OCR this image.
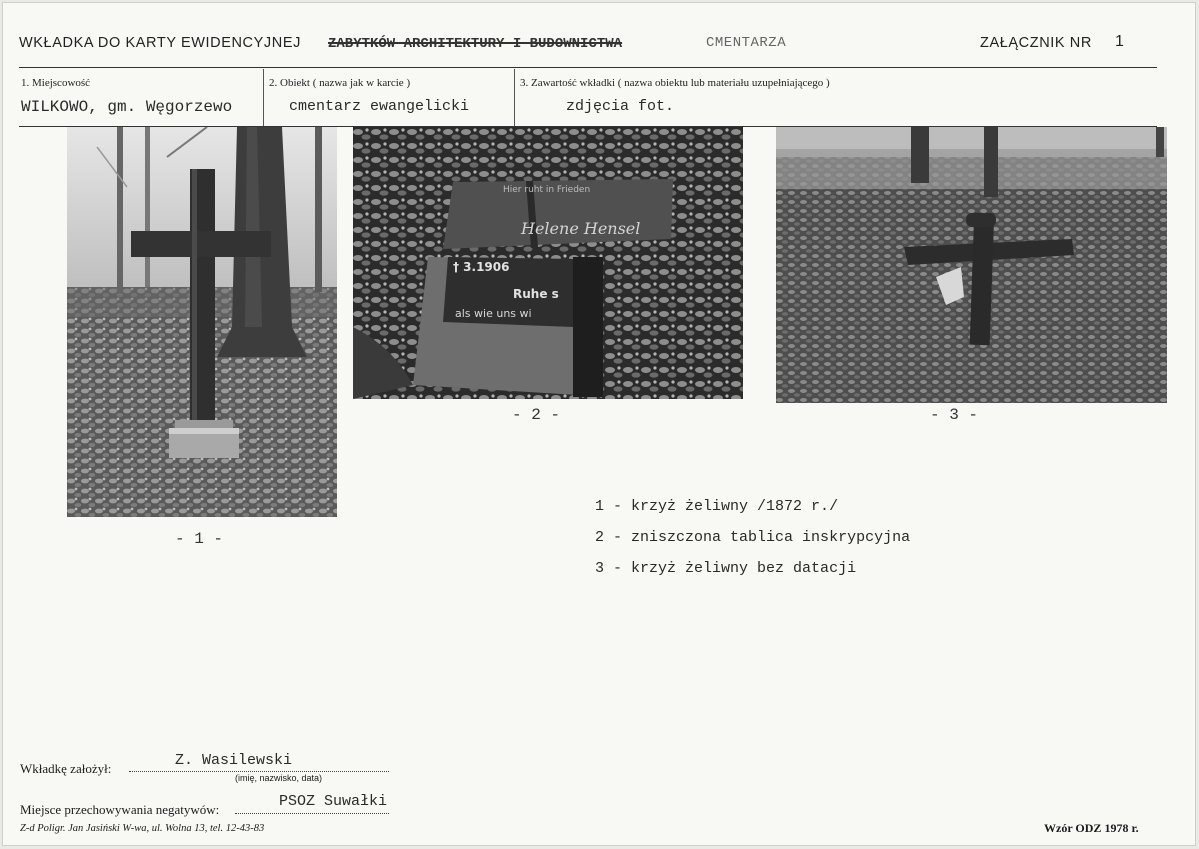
WKŁADKA DO KARTY EWIDENCYJNEJ ZABYTKÓW ARCHITEKTURY I BUDOWNICTWA	CMENTARZA	ZAŁĄCZNIK NR 1
1. Miejscowość
WILKOWO, gm. Węgorzewo
2. Obiekt ( nazwa jak w karcie )
cmentarz ewangelicki
3. Zawartość wkładki ( nazwa obiektu lub materiału uzupełniającego )
zdjęcia fot.
- 1 -
Hier ruht in Frieden
Helene Hensel
† 3.1906
Ruhe s
als wie uns wi
- 2 -	- 3 -
1 - krzyż żeliwny /1872 r./
2 - zniszczona tablica inskrypcyjna
3 - krzyż żeliwny bez datacji
Wkładkę założył:	Z. Wasilewski
(imię, nazwisko, data)
Miejsce przechowywania negatywów:	PSOZ Suwałki
Z-d Poligr. Jan Jasiński W-wa, ul. Wolna 13, tel. 12-43-83	Wzór ODZ 1978 r.
